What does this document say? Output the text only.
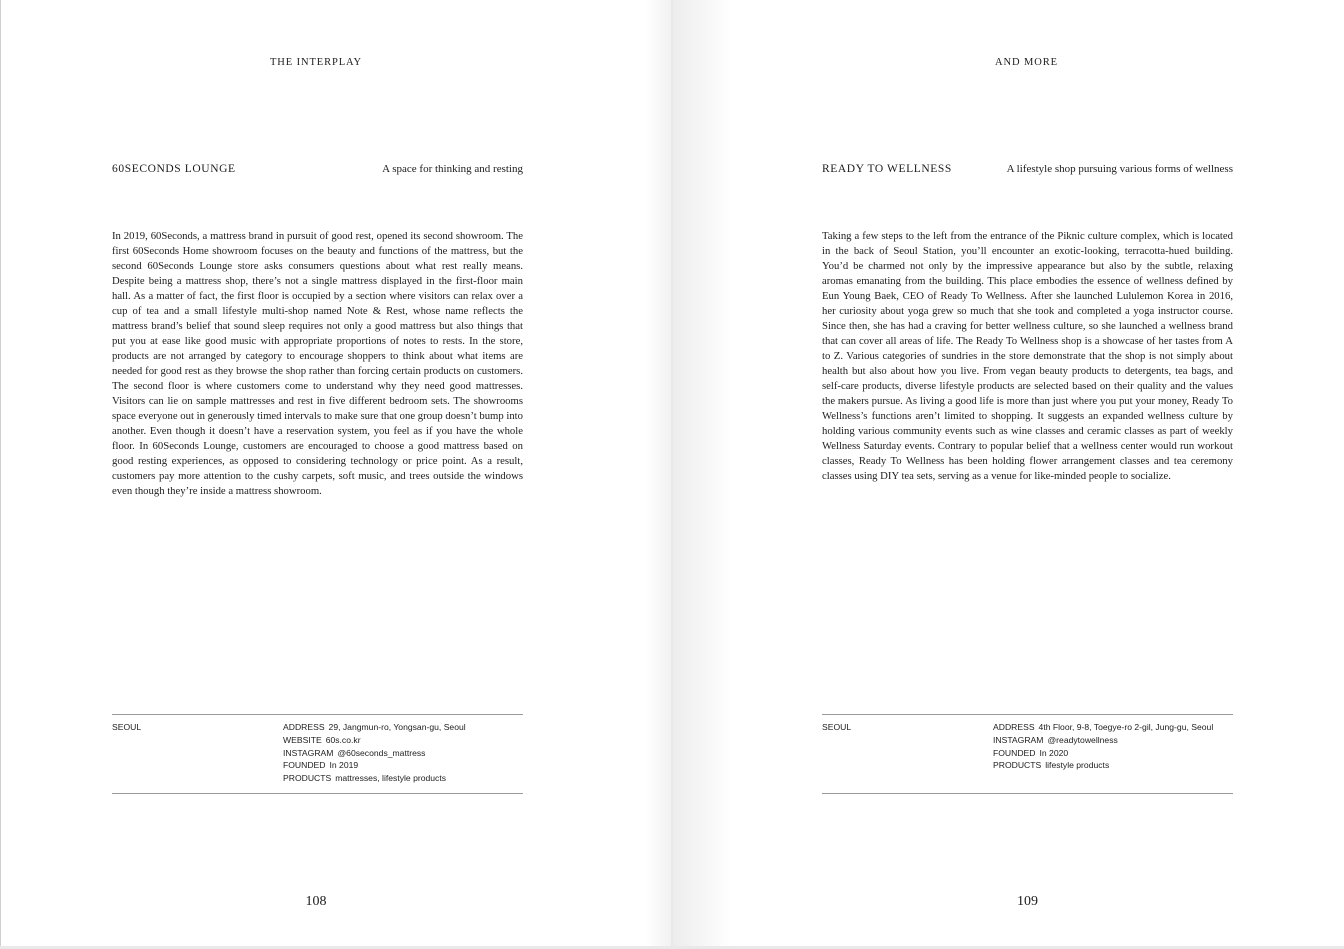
THE INTERPLAY
60SECONDS LOUNGE	A space for thinking and resting

In 2019, 60Seconds, a mattress brand in pursuit of good rest, opened its second showroom. The first 60Seconds Home showroom focuses on the beauty and functions of the mattress, but the second 60Seconds Lounge store asks consumers questions about what rest really means. Despite being a mattress shop, there’s not a single mattress displayed in the first-floor main hall. As a matter of fact, the first floor is occupied by a section where visitors can relax over a cup of tea and a small lifestyle multi-shop named Note & Rest, whose name reflects the mattress brand’s belief that sound sleep requires not only a good mattress but also things that put you at ease like good music with appropriate proportions of notes to rests. In the store, products are not arranged by category to encourage shoppers to think about what items are needed for good rest as they browse the shop rather than forcing certain products on customers. The second floor is where customers come to understand why they need good mattresses. Visitors can lie on sample mattresses and rest in five different bedroom sets. The showrooms space everyone out in generously timed intervals to make sure that one group doesn’t bump into another. Even though it doesn’t have a reservation system, you feel as if you have the whole floor. In 60Seconds Lounge, customers are encouraged to choose a good mattress based on good resting experiences, as opposed to considering technology or price point. As a result, customers pay more attention to the cushy carpets, soft music, and trees outside the windows even though they’re inside a mattress showroom.

SEOUL	ADDRESS 29, Jangmun-ro, Yongsan-gu, Seoul
WEBSITE 60s.co.kr
INSTAGRAM @60seconds_mattress
FOUNDED In 2019
PRODUCTS mattresses, lifestyle products
108
AND MORE
READY TO WELLNESS	A lifestyle shop pursuing various forms of wellness

Taking a few steps to the left from the entrance of the Piknic culture complex, which is located in the back of Seoul Station, you’ll encounter an exotic-looking, terracotta-hued building. You’d be charmed not only by the impressive appearance but also by the subtle, relaxing aromas emanating from the building. This place embodies the essence of wellness defined by Eun Young Baek, CEO of Ready To Wellness. After she launched Lululemon Korea in 2016, her curiosity about yoga grew so much that she took and completed a yoga instructor course. Since then, she has had a craving for better wellness culture, so she launched a wellness brand that can cover all areas of life. The Ready To Wellness shop is a showcase of her tastes from A to Z. Various categories of sundries in the store demonstrate that the shop is not simply about health but also about how you live. From vegan beauty products to detergents, tea bags, and self-care products, diverse lifestyle products are selected based on their quality and the values the makers pursue. As living a good life is more than just where you put your money, Ready To Wellness’s functions aren’t limited to shopping. It suggests an expanded wellness culture by holding various community events such as wine classes and ceramic classes as part of weekly Wellness Saturday events. Contrary to popular belief that a wellness center would run workout classes, Ready To Wellness has been holding flower arrangement classes and tea ceremony classes using DIY tea sets, serving as a venue for like-minded people to socialize.

SEOUL	ADDRESS 4th Floor, 9-8, Toegye-ro 2-gil, Jung-gu, Seoul
INSTAGRAM @readytowellness
FOUNDED In 2020
PRODUCTS lifestyle products
109
